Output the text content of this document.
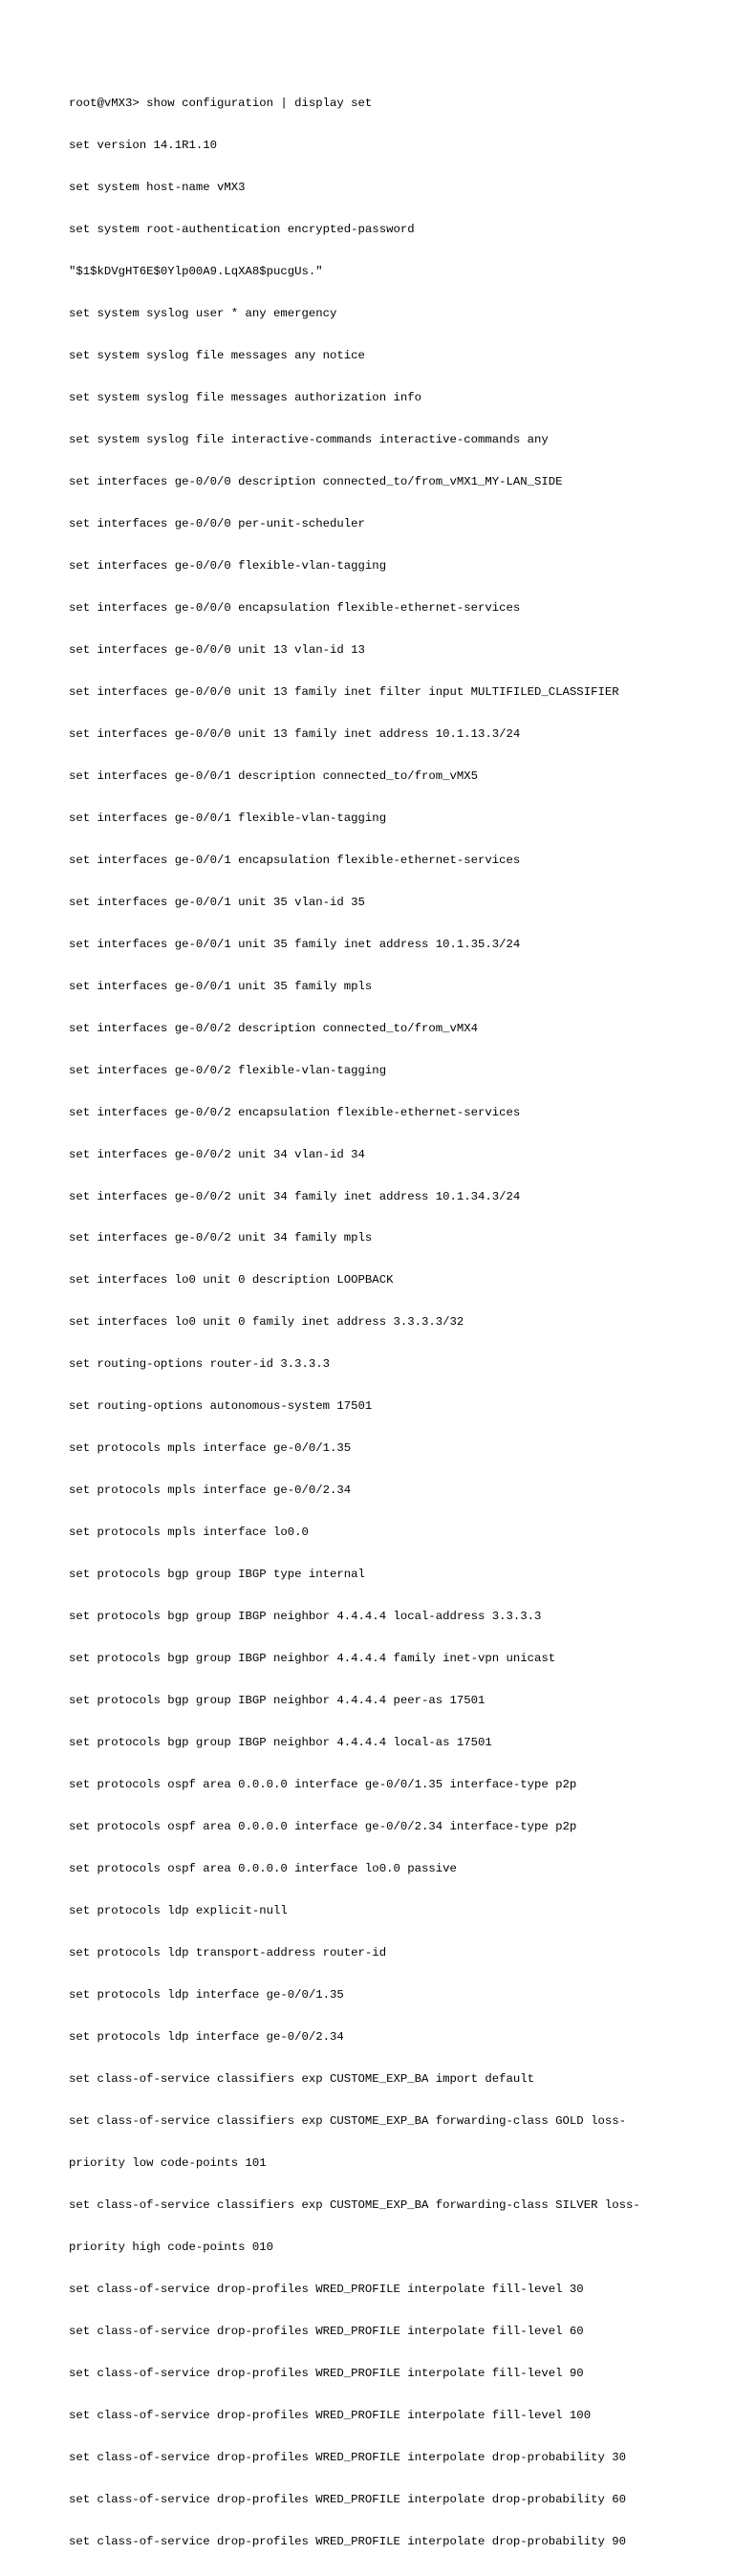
root@vMX3> show configuration | display set

set version 14.1R1.10

set system host-name vMX3

set system root-authentication encrypted-password

"$1$kDVgHT6E$0Ylp00A9.LqXA8$pucgUs."

set system syslog user * any emergency

set system syslog file messages any notice

set system syslog file messages authorization info

set system syslog file interactive-commands interactive-commands any

set interfaces ge-0/0/0 description connected_to/from_vMX1_MY-LAN_SIDE

set interfaces ge-0/0/0 per-unit-scheduler

set interfaces ge-0/0/0 flexible-vlan-tagging

set interfaces ge-0/0/0 encapsulation flexible-ethernet-services

set interfaces ge-0/0/0 unit 13 vlan-id 13

set interfaces ge-0/0/0 unit 13 family inet filter input MULTIFILED_CLASSIFIER

set interfaces ge-0/0/0 unit 13 family inet address 10.1.13.3/24

set interfaces ge-0/0/1 description connected_to/from_vMX5

set interfaces ge-0/0/1 flexible-vlan-tagging

set interfaces ge-0/0/1 encapsulation flexible-ethernet-services

set interfaces ge-0/0/1 unit 35 vlan-id 35

set interfaces ge-0/0/1 unit 35 family inet address 10.1.35.3/24

set interfaces ge-0/0/1 unit 35 family mpls

set interfaces ge-0/0/2 description connected_to/from_vMX4

set interfaces ge-0/0/2 flexible-vlan-tagging

set interfaces ge-0/0/2 encapsulation flexible-ethernet-services

set interfaces ge-0/0/2 unit 34 vlan-id 34

set interfaces ge-0/0/2 unit 34 family inet address 10.1.34.3/24

set interfaces ge-0/0/2 unit 34 family mpls

set interfaces lo0 unit 0 description LOOPBACK

set interfaces lo0 unit 0 family inet address 3.3.3.3/32

set routing-options router-id 3.3.3.3

set routing-options autonomous-system 17501

set protocols mpls interface ge-0/0/1.35

set protocols mpls interface ge-0/0/2.34

set protocols mpls interface lo0.0

set protocols bgp group IBGP type internal

set protocols bgp group IBGP neighbor 4.4.4.4 local-address 3.3.3.3

set protocols bgp group IBGP neighbor 4.4.4.4 family inet-vpn unicast

set protocols bgp group IBGP neighbor 4.4.4.4 peer-as 17501

set protocols bgp group IBGP neighbor 4.4.4.4 local-as 17501

set protocols ospf area 0.0.0.0 interface ge-0/0/1.35 interface-type p2p

set protocols ospf area 0.0.0.0 interface ge-0/0/2.34 interface-type p2p

set protocols ospf area 0.0.0.0 interface lo0.0 passive

set protocols ldp explicit-null

set protocols ldp transport-address router-id

set protocols ldp interface ge-0/0/1.35

set protocols ldp interface ge-0/0/2.34

set class-of-service classifiers exp CUSTOME_EXP_BA import default

set class-of-service classifiers exp CUSTOME_EXP_BA forwarding-class GOLD loss-

priority low code-points 101

set class-of-service classifiers exp CUSTOME_EXP_BA forwarding-class SILVER loss-

priority high code-points 010

set class-of-service drop-profiles WRED_PROFILE interpolate fill-level 30

set class-of-service drop-profiles WRED_PROFILE interpolate fill-level 60

set class-of-service drop-profiles WRED_PROFILE interpolate fill-level 90

set class-of-service drop-profiles WRED_PROFILE interpolate fill-level 100

set class-of-service drop-profiles WRED_PROFILE interpolate drop-probability 30

set class-of-service drop-profiles WRED_PROFILE interpolate drop-probability 60

set class-of-service drop-profiles WRED_PROFILE interpolate drop-probability 90
